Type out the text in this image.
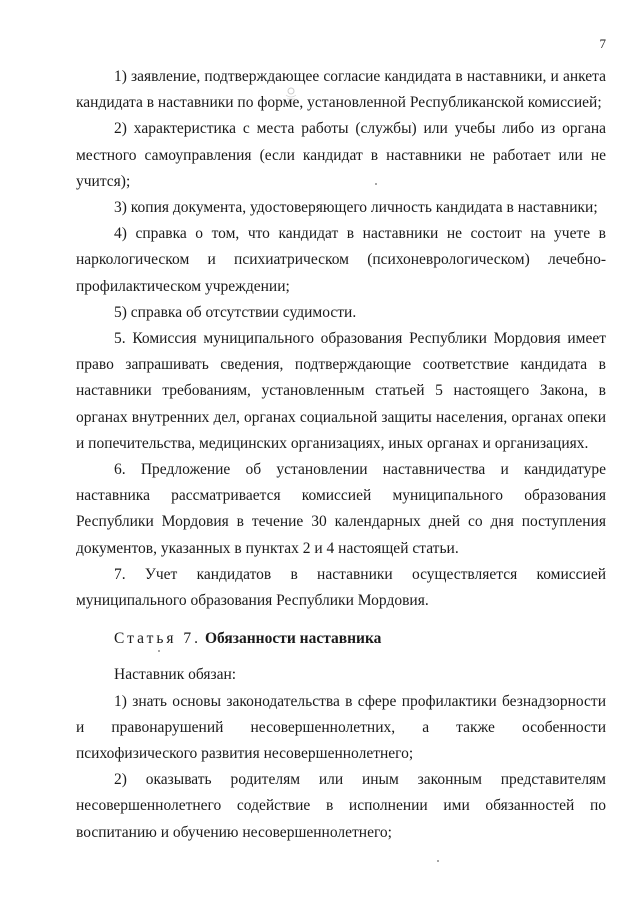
7

1) заявление, подтверждающее согласие кандидата в наставники, и анкета кандидата в наставники по форме, установленной Республиканской комиссией;

2) характеристика с места работы (службы) или учебы либо из органа местного самоуправления (если кандидат в наставники не работает или не учится);

3) копия документа, удостоверяющего личность кандидата в наставники;

4) справка о том, что кандидат в наставники не состоит на учете в наркологическом и психиатрическом (психоневрологическом) лечебно-профилактическом учреждении;

5) справка об отсутствии судимости.

5. Комиссия муниципального образования Республики Мордовия имеет право запрашивать сведения, подтверждающие соответствие кандидата в наставники требованиям, установленным статьей 5 настоящего Закона, в органах внутренних дел, органах социальной защиты населения, органах опеки и попечительства, медицинских организациях, иных органах и организациях.

6. Предложение об установлении наставничества и кандидатуре наставника рассматривается комиссией муниципального образования Республики Мордовия в течение 30 календарных дней со дня поступления документов, указанных в пунктах 2 и 4 настоящей статьи.

7. Учет кандидатов в наставники осуществляется комиссией муниципального образования Республики Мордовия.

Статья 7. Обязанности наставника

Наставник обязан:

1) знать основы законодательства в сфере профилактики безнадзорности и правонарушений несовершеннолетних, а также особенности психофизического развития несовершеннолетнего;

2) оказывать родителям или иным законным представителям несовершеннолетнего содействие в исполнении ими обязанностей по воспитанию и обучению несовершеннолетнего;
